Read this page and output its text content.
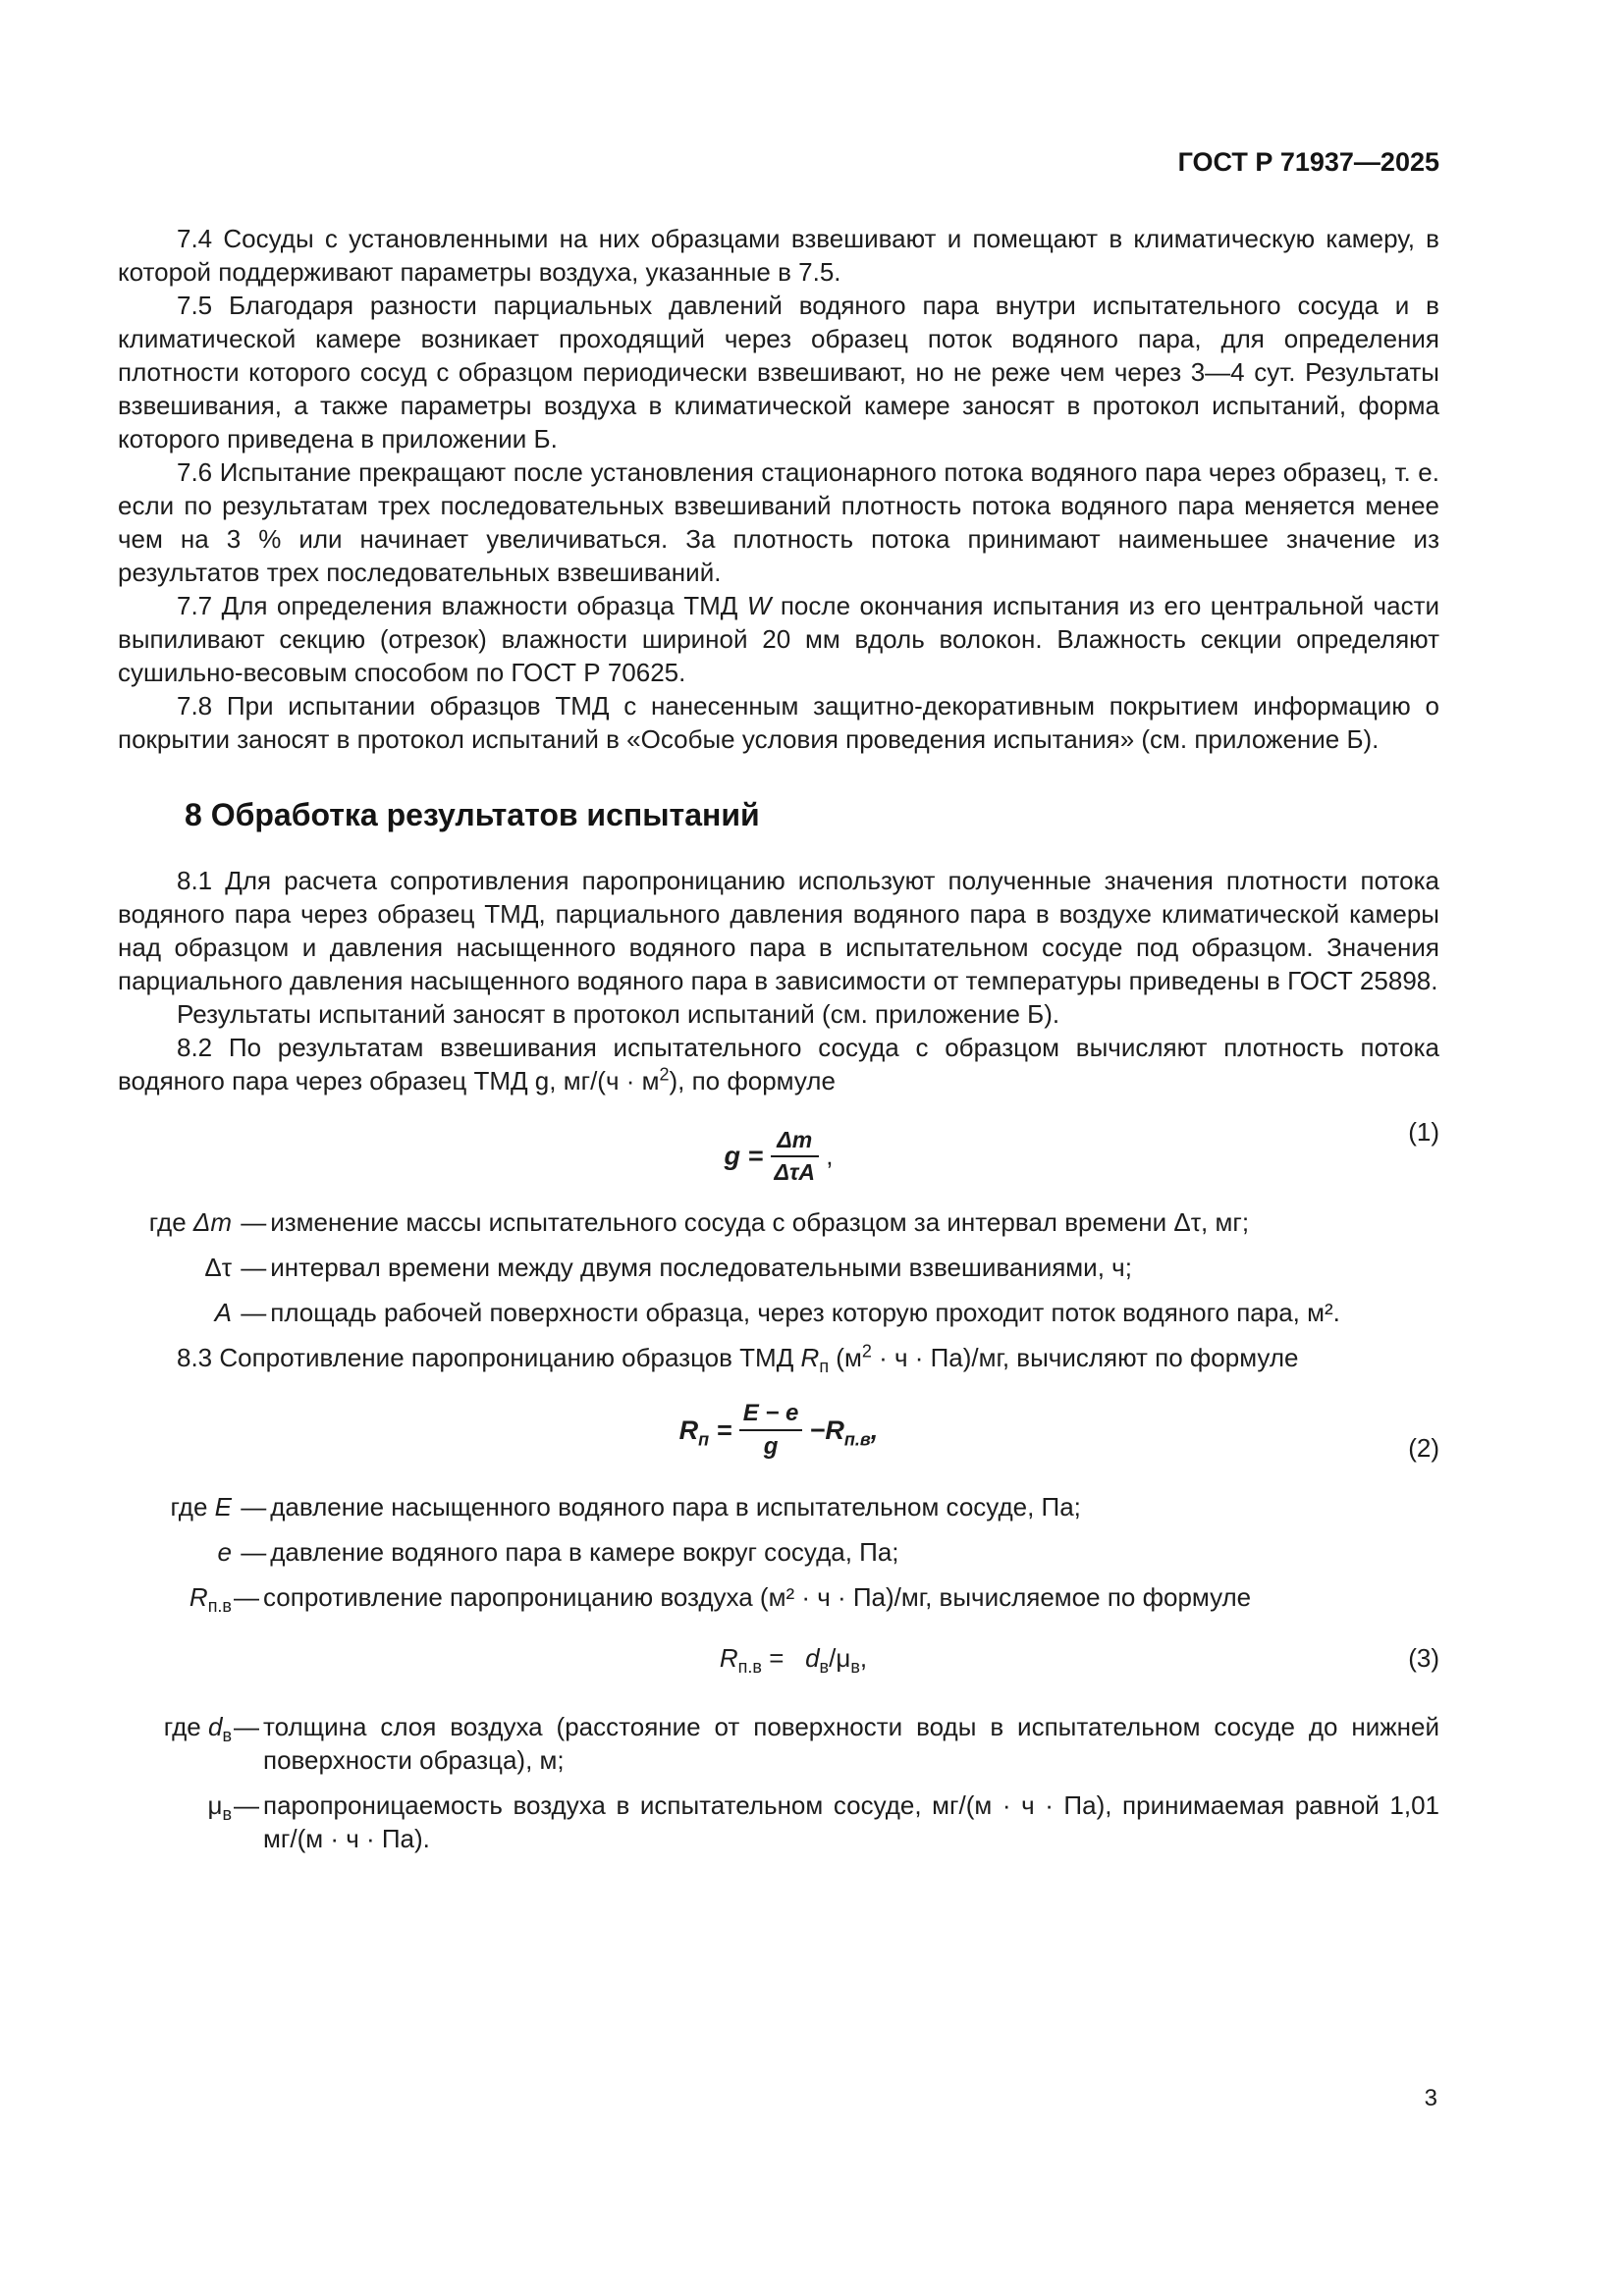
ГОСТ Р 71937—2025

7.4 Сосуды с установленными на них образцами взвешивают и помещают в климатическую камеру, в которой поддерживают параметры воздуха, указанные в 7.5.

7.5 Благодаря разности парциальных давлений водяного пара внутри испытательного сосуда и в климатической камере возникает проходящий через образец поток водяного пара, для определения плотности которого сосуд с образцом периодически взвешивают, но не реже чем через 3—4 сут. Результаты взвешивания, а также параметры воздуха в климатической камере заносят в протокол испытаний, форма которого приведена в приложении Б.

7.6 Испытание прекращают после установления стационарного потока водяного пара через образец, т. е. если по результатам трех последовательных взвешиваний плотность потока водяного пара меняется менее чем на 3 % или начинает увеличиваться. За плотность потока принимают наименьшее значение из результатов трех последовательных взвешиваний.

7.7 Для определения влажности образца ТМД W после окончания испытания из его центральной части выпиливают секцию (отрезок) влажности шириной 20 мм вдоль волокон. Влажность секции определяют сушильно-весовым способом по ГОСТ Р 70625.

7.8 При испытании образцов ТМД с нанесенным защитно-декоративным покрытием информацию о покрытии заносят в протокол испытаний в «Особые условия проведения испытания» (см. приложение Б).

8 Обработка результатов испытаний

8.1 Для расчета сопротивления паропроницанию используют полученные значения плотности потока водяного пара через образец ТМД, парциального давления водяного пара в воздухе климатической камеры над образцом и давления насыщенного водяного пара в испытательном сосуде под образцом. Значения парциального давления насыщенного водяного пара в зависимости от температуры приведены в ГОСТ 25898.

Результаты испытаний заносят в протокол испытаний (см. приложение Б).

8.2 По результатам взвешивания испытательного сосуда с образцом вычисляют плотность потока водяного пара через образец ТМД g, $мг/(ч \cdot м^2)$, по формуле

$g = \frac{\Delta m}{\text{ΔτA}}$ ,
(1)
где Δm — изменение массы испытательного сосуда с образцом за интервал времени Δτ, мг;
Δτ — интервал времени между двумя последовательными взвешиваниями, ч;
A — площадь рабочей поверхности образца, через которую проходит поток водяного пара, м².

8.3 Сопротивление паропроницанию образцов ТМД $R_п$ $(м^2 \cdot ч \cdot Па)/мг$, вычисляют по формуле

$R_п = \frac{E - e}{g} -R_{п.в}$,
(2)
где E — давление насыщенного водяного пара в испытательном сосуде, Па;
e — давление водяного пара в камере вокруг сосуда, Па;
$R_{п.в}$ — сопротивление паропроницанию воздуха (м² · ч · Па)/мг, вычисляемое по формуле
$R_{п.в} = d_в/\mu_в$,	(3)
где $d_в$ — толщина слоя воздуха (расстояние от поверхности воды в испытательном сосуде до нижней поверхности образца), м;
$\mu_в$ — паропроницаемость воздуха в испытательном сосуде, мг/(м · ч · Па), принимаемая равной 1,01 мг/(м · ч · Па).
3
